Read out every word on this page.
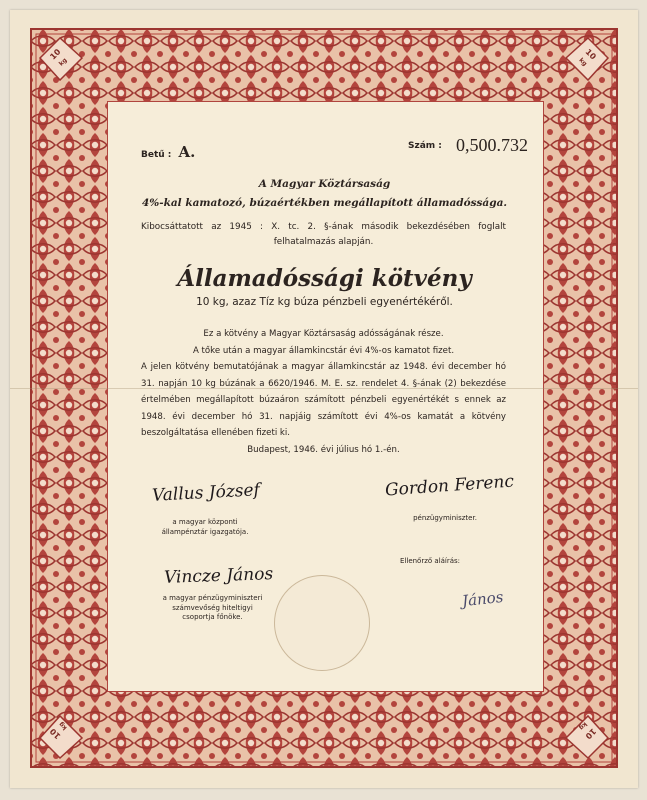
10
kg
10
kg
10
kg
10
kg
Betű : A.	Szám : 0,500.732
A Magyar Köztársaság
4%-kal kamatozó, búzaértékben megállapított államadóssága.
Kibocsáttatott az 1945 : X. tc. 2. §-ának második bekezdésében foglalt felhatalmazás alapján.
Államadóssági kötvény
10 kg, azaz Tíz kg búza pénzbeli egyenértékéről.

Ez a kötvény a Magyar Köztársaság adósságának része.

A tőke után a magyar államkincstár évi 4%-os kamatot fizet.

A jelen kötvény bemutatójának a magyar államkincstár az 1948. évi december hó 31. napján 10 kg búzának a 6620/1946. M. E. sz. rendelet 4. §-ának (2) bekezdése értelmében megállapított búzaáron számított pénzbeli egyenértékét s ennek az 1948. évi december hó 31. napjáig számított évi 4%-os kamatát a kötvény beszolgáltatása ellenében fizeti ki.

Budapest, 1946. évi július hó 1.-én.

Vallus József
a magyar központi
állampénztár igazgatója.
Gordon Ferenc
pénzügyminiszter.
Vincze János
a magyar pénzügyminiszteri
számvevőség hiteltigyi
csoportja főnöke.
Ellenőrző aláírás:
János
